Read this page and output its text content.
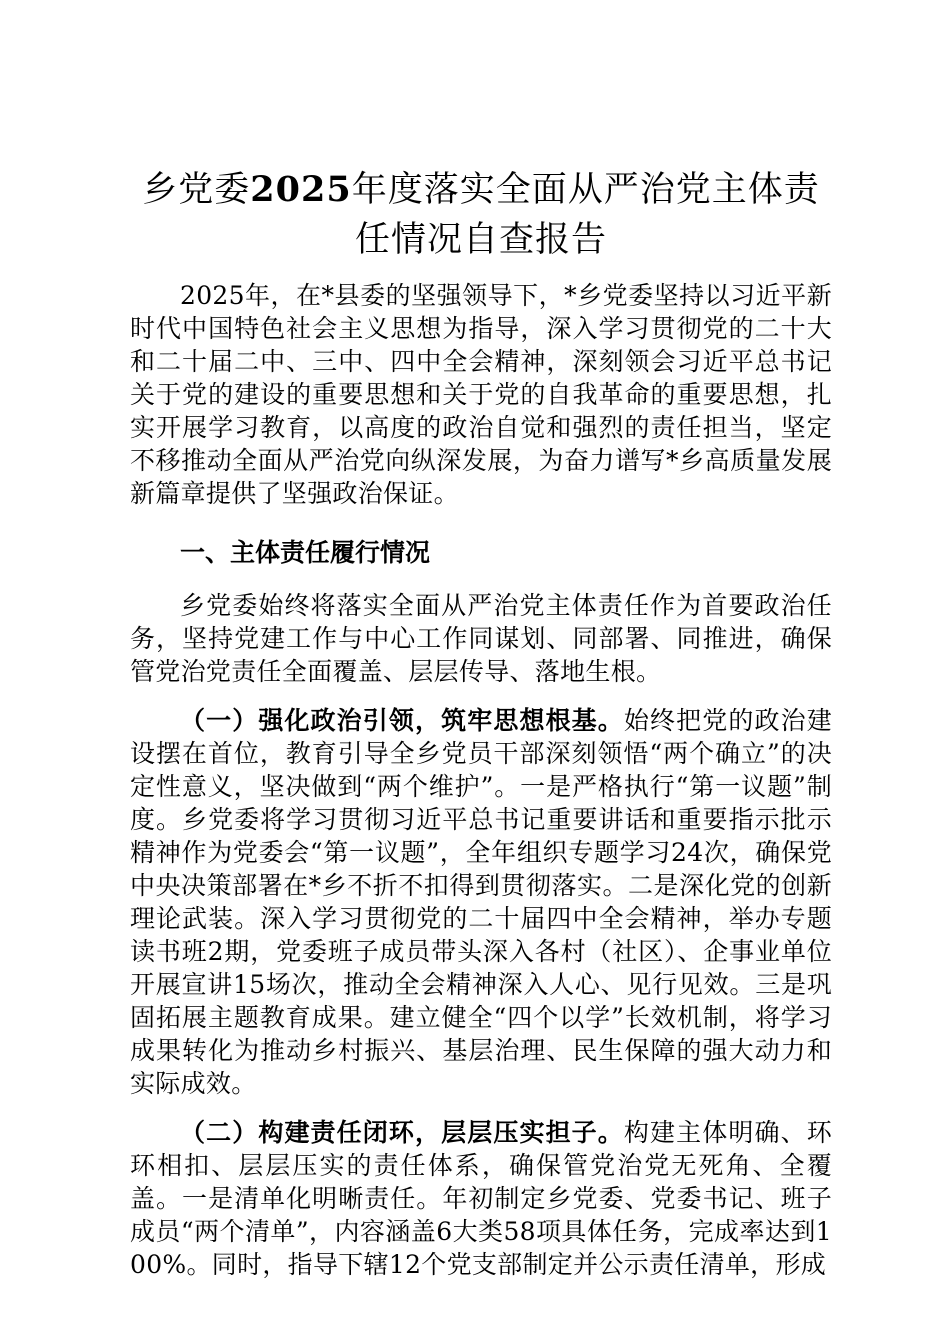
乡党委2025年度落实全面从严治党主体责任情况自查报告

2025年，在*县委的坚强领导下，*乡党委坚持以习近平新时代中国特色社会主义思想为指导，深入学习贯彻党的二十大和二十届二中、三中、四中全会精神，深刻领会习近平总书记关于党的建设的重要思想和关于党的自我革命的重要思想，扎实开展学习教育，以高度的政治自觉和强烈的责任担当，坚定不移推动全面从严治党向纵深发展，为奋力谱写*乡高质量发展新篇章提供了坚强政治保证。

一、主体责任履行情况

乡党委始终将落实全面从严治党主体责任作为首要政治任务，坚持党建工作与中心工作同谋划、同部署、同推进，确保管党治党责任全面覆盖、层层传导、落地生根。

（一）强化政治引领，筑牢思想根基。始终把党的政治建设摆在首位，教育引导全乡党员干部深刻领悟“两个确立”的决定性意义，坚决做到“两个维护”。一是严格执行“第一议题”制度。乡党委将学习贯彻习近平总书记重要讲话和重要指示批示精神作为党委会“第一议题”，全年组织专题学习24次，确保党中央决策部署在*乡不折不扣得到贯彻落实。二是深化党的创新理论武装。深入学习贯彻党的二十届四中全会精神，举办专题读书班2期，党委班子成员带头深入各村（社区）、企事业单位开展宣讲15场次，推动全会精神深入人心、见行见效。三是巩固拓展主题教育成果。建立健全“四个以学”长效机制，将学习成果转化为推动乡村振兴、基层治理、民生保障的强大动力和实际成效。

（二）构建责任闭环，层层压实担子。构建主体明确、环环相扣、层层压实的责任体系，确保管党治党无死角、全覆盖。一是清单化明晰责任。年初制定乡党委、党委书记、班子成员“两个清单”，内容涵盖6大类58项具体任务，完成率达到100%。同时，指导下辖12个党支部制定并公示责任清单，形成
